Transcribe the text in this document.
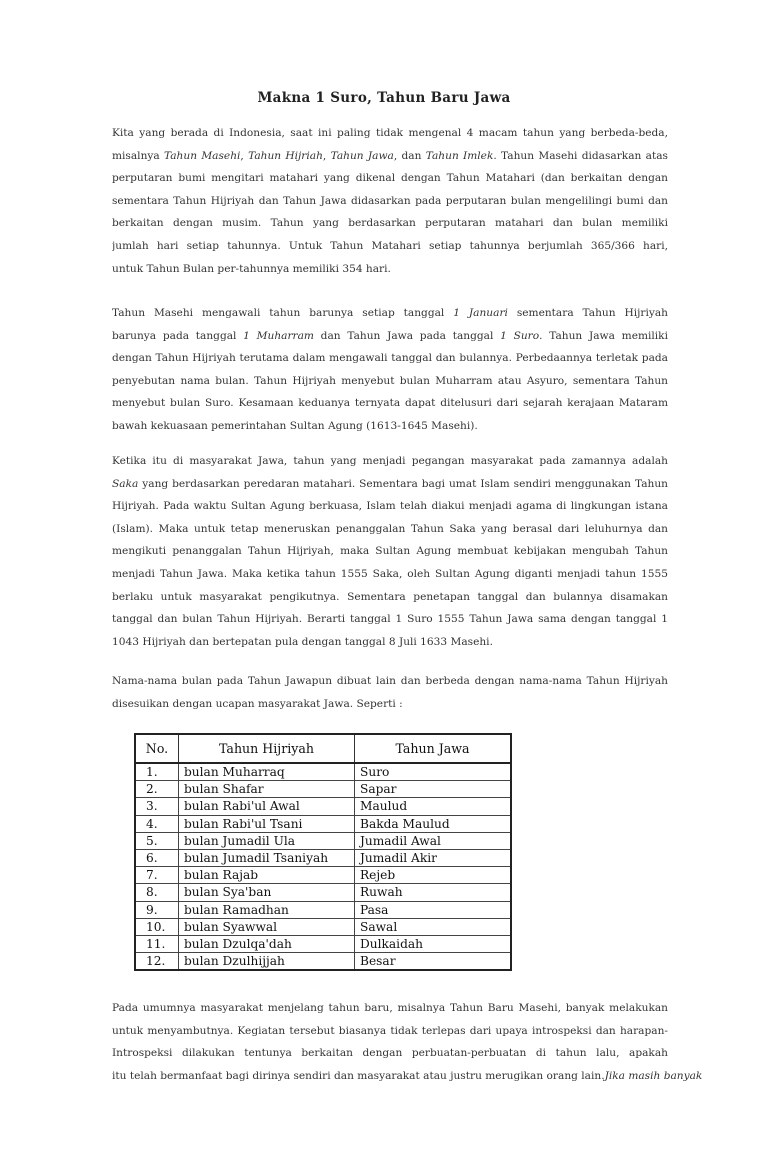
Makna 1 Suro, Tahun Baru Jawa

Kita yang berada di Indonesia, saat ini paling tidak mengenal 4 macam tahun yang berbeda-beda,
misalnya Tahun Masehi, Tahun Hijriah, Tahun Jawa, dan Tahun Imlek. Tahun Masehi didasarkan atas
perputaran bumi mengitari matahari yang dikenal dengan Tahun Matahari (dan berkaitan dengan
sementara Tahun Hijriyah dan Tahun Jawa didasarkan pada perputaran bulan mengelilingi bumi dan
berkaitan dengan musim. Tahun yang berdasarkan perputaran matahari dan bulan memiliki
jumlah hari setiap tahunnya. Untuk Tahun Matahari setiap tahunnya berjumlah 365/366 hari,
untuk Tahun Bulan per-tahunnya memiliki 354 hari.

Tahun Masehi mengawali tahun barunya setiap tanggal 1 Januari sementara Tahun Hijriyah
barunya pada tanggal 1 Muharram dan Tahun Jawa pada tanggal 1 Suro. Tahun Jawa memiliki
dengan Tahun Hijriyah terutama dalam mengawali tanggal dan bulannya. Perbedaannya terletak pada
penyebutan nama bulan. Tahun Hijriyah menyebut bulan Muharram atau Asyuro, sementara Tahun
menyebut bulan Suro. Kesamaan keduanya ternyata dapat ditelusuri dari sejarah kerajaan Mataram
bawah kekuasaan pemerintahan Sultan Agung (1613-1645 Masehi).

Ketika itu di masyarakat Jawa, tahun yang menjadi pegangan masyarakat pada zamannya adalah
Saka yang berdasarkan peredaran matahari. Sementara bagi umat Islam sendiri menggunakan Tahun
Hijriyah. Pada waktu Sultan Agung berkuasa, Islam telah diakui menjadi agama di lingkungan istana
(Islam). Maka untuk tetap meneruskan penanggalan Tahun Saka yang berasal dari leluhurnya dan
mengikuti penanggalan Tahun Hijriyah, maka Sultan Agung membuat kebijakan mengubah Tahun
menjadi Tahun Jawa. Maka ketika tahun 1555 Saka, oleh Sultan Agung diganti menjadi tahun 1555
berlaku untuk masyarakat pengikutnya. Sementara penetapan tanggal dan bulannya disamakan
tanggal dan bulan Tahun Hijriyah. Berarti tanggal 1 Suro 1555 Tahun Jawa sama dengan tanggal 1
1043 Hijriyah dan bertepatan pula dengan tanggal 8 Juli 1633 Masehi.

Nama-nama bulan pada Tahun Jawapun dibuat lain dan berbeda dengan nama-nama Tahun Hijriyah
disesuikan dengan ucapan masyarakat Jawa. Seperti :

No.	Tahun Hijriyah	Tahun Jawa
1.	bulan Muharraq	Suro
2.	bulan Shafar	Sapar
3.	bulan Rabi'ul Awal	Maulud
4.	bulan Rabi'ul Tsani	Bakda Maulud
5.	bulan Jumadil Ula	Jumadil Awal
6.	bulan Jumadil Tsaniyah	Jumadil Akir
7.	bulan Rajab	Rejeb
8.	bulan Sya'ban	Ruwah
9.	bulan Ramadhan	Pasa
10.	bulan Syawwal	Sawal
11.	bulan Dzulqa'dah	Dulkaidah
12.	bulan Dzulhijjah	Besar

Pada umumnya masyarakat menjelang tahun baru, misalnya Tahun Baru Masehi, banyak melakukan
untuk menyambutnya. Kegiatan tersebut biasanya tidak terlepas dari upaya introspeksi dan harapan-
Introspeksi dilakukan tentunya berkaitan dengan perbuatan-perbuatan di tahun lalu, apakah
itu telah bermanfaat bagi dirinya sendiri dan masyarakat atau justru merugikan orang lain.Jika masih banyak
